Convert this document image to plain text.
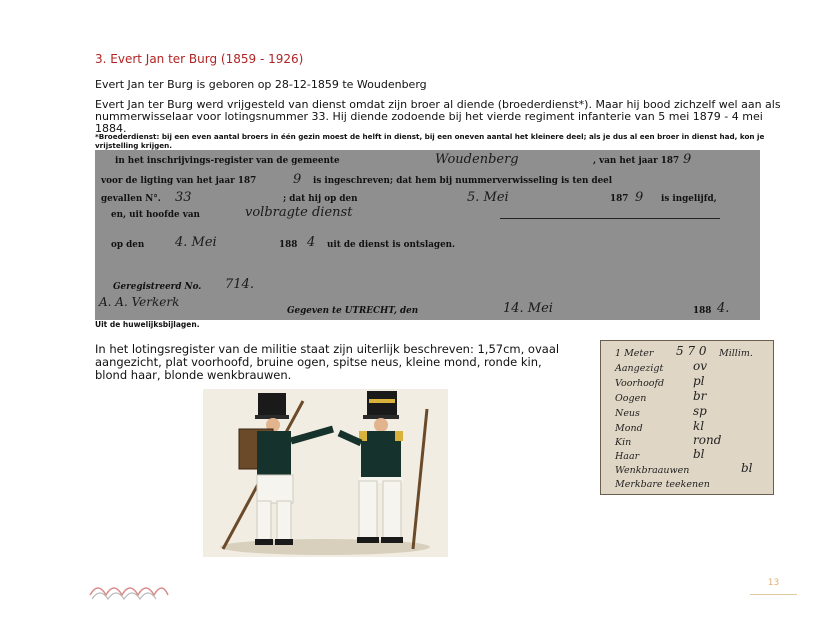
3. Evert Jan ter Burg (1859 - 1926)
Evert Jan ter Burg is geboren op 28-12-1859 te Woudenberg
Evert Jan ter Burg werd vrijgesteld van dienst omdat zijn broer al diende (broederdienst*). Maar hij bood zichzelf wel aan als nummerwisselaar voor lotingsnummer 33. Hij diende zodoende bij het vierde regiment infanterie van 5 mei 1879 - 4 mei 1884.
*Broederdienst: bij een even aantal broers in één gezin moest de helft in dienst, bij een oneven aantal het kleinere deel; als je dus al een broer in dienst had, kon je vrijstelling krijgen.
in het inschrijvings-register van de gemeente	Woudenberg	, van het jaar 187 9
voor de ligting van het jaar 187	9 is ingeschreven; dat hem bij nummerverwisseling is ten deel
gevallen N°. 33	; dat hij op den	5. Mei	187 9 is ingelijfd,
en, uit hoofde van	volbragte dienst
op den 4. Mei	188 4 uit de dienst is ontslagen.
Geregistreerd No. 714.
A. A. Verkerk
Gegeven te UTRECHT, den	14. Mei	188 4.
Uit de huwelijksbijlagen.
In het lotingsregister van de militie staat zijn uiterlijk beschreven: 1,57cm, ovaal aangezicht, plat voorhoofd, bruine ogen, spitse neus, kleine mond, ronde kin, blond haar, blonde wenkbrauwen.
1 Meter 5 7 0 Millim.
Aangezigt ov
Voorhoofd pl
Oogen	br
Neus	sp
Mond	kl
Kin	rond
Haar	bl
Wenkbraauwen	bl
Merkbare teekenen
13
